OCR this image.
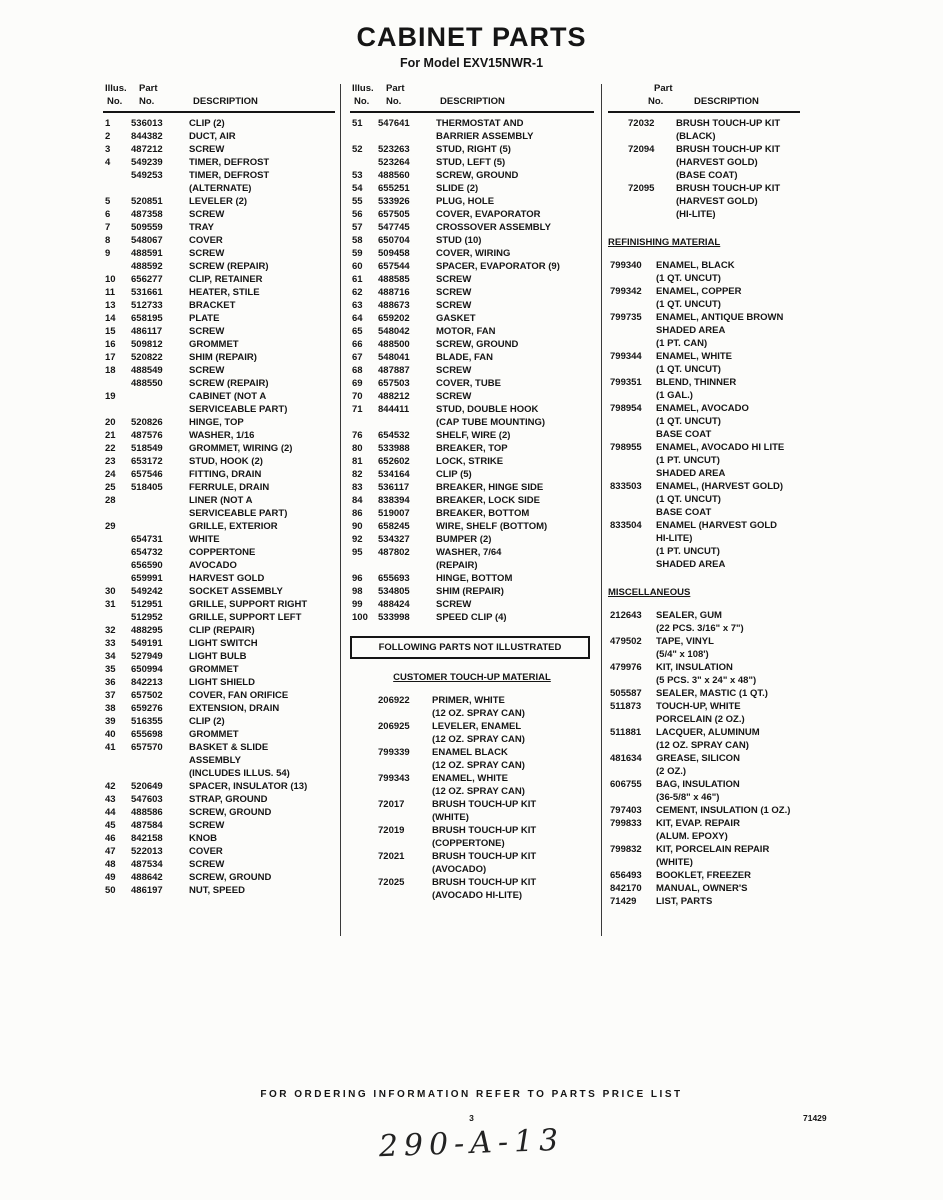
CABINET PARTS
For Model EXV15NWR-1
Illus.	Part
No.	No.	DESCRIPTION
1	536013	CLIP (2)
2	844382	DUCT, AIR
3	487212	SCREW
4	549239	TIMER, DEFROST
549253	TIMER, DEFROST
(ALTERNATE)
5	520851	LEVELER (2)
6	487358	SCREW
7	509559	TRAY
8	548067	COVER
9	488591	SCREW
488592	SCREW (REPAIR)
10	656277	CLIP, RETAINER
11	531661	HEATER, STILE
13	512733	BRACKET
14	658195	PLATE
15	486117	SCREW
16	509812	GROMMET
17	520822	SHIM (REPAIR)
18	488549	SCREW
488550	SCREW (REPAIR)
19	CABINET (NOT A
SERVICEABLE PART)
20	520826	HINGE, TOP
21	487576	WASHER, 1/16
22	518549	GROMMET, WIRING (2)
23	653172	STUD, HOOK (2)
24	657546	FITTING, DRAIN
25	518405	FERRULE, DRAIN
28	LINER (NOT A
SERVICEABLE PART)
29	GRILLE, EXTERIOR
654731	WHITE
654732	COPPERTONE
656590	AVOCADO
659991	HARVEST GOLD
30	549242	SOCKET ASSEMBLY
31	512951	GRILLE, SUPPORT RIGHT
512952	GRILLE, SUPPORT LEFT
32	488295	CLIP (REPAIR)
33	549191	LIGHT SWITCH
34	527949	LIGHT BULB
35	650994	GROMMET
36	842213	LIGHT SHIELD
37	657502	COVER, FAN ORIFICE
38	659276	EXTENSION, DRAIN
39	516355	CLIP (2)
40	655698	GROMMET
41	657570	BASKET & SLIDE
ASSEMBLY
(INCLUDES ILLUS. 54)
42	520649	SPACER, INSULATOR (13)
43	547603	STRAP, GROUND
44	488586	SCREW, GROUND
45	487584	SCREW
46	842158	KNOB
47	522013	COVER
48	487534	SCREW
49	488642	SCREW, GROUND
50	486197	NUT, SPEED
Illus.	Part
No.	No.	DESCRIPTION
51	547641	THERMOSTAT AND
BARRIER ASSEMBLY
52	523263	STUD, RIGHT (5)
523264	STUD, LEFT (5)
53	488560	SCREW, GROUND
54	655251	SLIDE (2)
55	533926	PLUG, HOLE
56	657505	COVER, EVAPORATOR
57	547745	CROSSOVER ASSEMBLY
58	650704	STUD (10)
59	509458	COVER, WIRING
60	657544	SPACER, EVAPORATOR (9)
61	488585	SCREW
62	488716	SCREW
63	488673	SCREW
64	659202	GASKET
65	548042	MOTOR, FAN
66	488500	SCREW, GROUND
67	548041	BLADE, FAN
68	487887	SCREW
69	657503	COVER, TUBE
70	488212	SCREW
71	844411	STUD, DOUBLE HOOK
(CAP TUBE MOUNTING)
76	654532	SHELF, WIRE (2)
80	533988	BREAKER, TOP
81	652602	LOCK, STRIKE
82	534164	CLIP (5)
83	536117	BREAKER, HINGE SIDE
84	838394	BREAKER, LOCK SIDE
86	519007	BREAKER, BOTTOM
90	658245	WIRE, SHELF (BOTTOM)
92	534327	BUMPER (2)
95	487802	WASHER, 7/64
(REPAIR)
96	655693	HINGE, BOTTOM
98	534805	SHIM (REPAIR)
99	488424	SCREW
100	533998	SPEED CLIP (4)
FOLLOWING PARTS NOT ILLUSTRATED
CUSTOMER TOUCH-UP MATERIAL
206922	PRIMER, WHITE
(12 OZ. SPRAY CAN)
206925	LEVELER, ENAMEL
(12 OZ. SPRAY CAN)
799339	ENAMEL BLACK
(12 OZ. SPRAY CAN)
799343	ENAMEL, WHITE
(12 OZ. SPRAY CAN)
72017	BRUSH TOUCH-UP KIT
(WHITE)
72019	BRUSH TOUCH-UP KIT
(COPPERTONE)
72021	BRUSH TOUCH-UP KIT
(AVOCADO)
72025	BRUSH TOUCH-UP KIT
(AVOCADO HI-LITE)
Part
No.	DESCRIPTION
72032	BRUSH TOUCH-UP KIT
(BLACK)
72094	BRUSH TOUCH-UP KIT
(HARVEST GOLD)
(BASE COAT)
72095	BRUSH TOUCH-UP KIT
(HARVEST GOLD)
(HI-LITE)
REFINISHING MATERIAL
799340	ENAMEL, BLACK
(1 QT. UNCUT)
799342	ENAMEL, COPPER
(1 QT. UNCUT)
799735	ENAMEL, ANTIQUE BROWN
SHADED AREA
(1 PT. CAN)
799344	ENAMEL, WHITE
(1 QT. UNCUT)
799351	BLEND, THINNER
(1 GAL.)
798954	ENAMEL, AVOCADO
(1 QT. UNCUT)
BASE COAT
798955	ENAMEL, AVOCADO HI LITE
(1 PT. UNCUT)
SHADED AREA
833503	ENAMEL, (HARVEST GOLD)
(1 QT. UNCUT)
BASE COAT
833504	ENAMEL (HARVEST GOLD
HI-LITE)
(1 PT. UNCUT)
SHADED AREA
MISCELLANEOUS
212643	SEALER, GUM
(22 PCS. 3/16" x 7")
479502	TAPE, VINYL
(5/4" x 108')
479976	KIT, INSULATION
(5 PCS. 3" x 24" x 48")
505587	SEALER, MASTIC (1 QT.)
511873	TOUCH-UP, WHITE
PORCELAIN (2 OZ.)
511881	LACQUER, ALUMINUM
(12 OZ. SPRAY CAN)
481634	GREASE, SILICON
(2 OZ.)
606755	BAG, INSULATION
(36-5/8" x 46")
797403	CEMENT, INSULATION (1 OZ.)
799833	KIT, EVAP. REPAIR
(ALUM. EPOXY)
799832	KIT, PORCELAIN REPAIR
(WHITE)
656493	BOOKLET, FREEZER
842170	MANUAL, OWNER'S
71429	LIST, PARTS
FOR ORDERING INFORMATION REFER TO PARTS PRICE LIST
3	71429
290-A-13
